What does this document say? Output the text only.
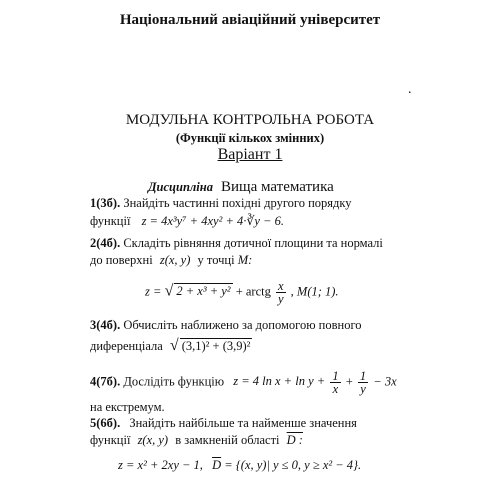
Національний авіаційний університет
.
МОДУЛЬНА КОНТРОЛЬНА РОБОТА
(Функції кількох змінних)
Варіант 1
Дисципліна Вища математика
1(3б). Знайдіть частинні похідні другого порядку
функції z = 4x³y⁷ + 4xy² + 4·∛y − 6.
2(4б). Складіть рівняння дотичної площини та нормалі
до поверхні z(x, y) у точці M:
z = √ 2 + x³ + y² + arctg $\frac{x}{y}$ , M(1; 1).
3(4б). Обчисліть наближено за допомогою повного
диференціала √ (3,1)² + (3,9)²
4(7б). Дослідіть функцію z = 4 $\ln x + \ln y + \frac{1}{x} + \frac{1}{y} - 3x$
на екстремум.
5(6б). Знайдіть найбільше та найменше значення
функції z(x, y) в замкненій області D :
z = x² + 2xy − 1, $\overline{D} = \{(x$, y)| y ≤ 0, y ≥ x² − 4}.
